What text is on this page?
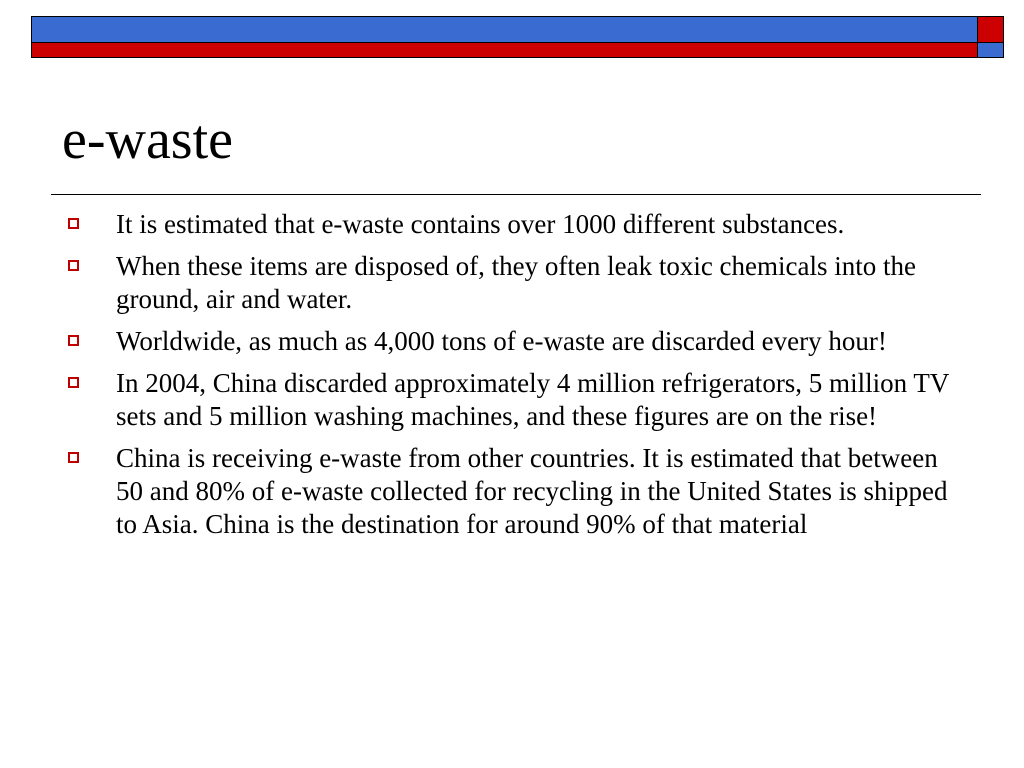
e-waste
It is estimated that e-waste contains over 1000 different substances.
When these items are disposed of, they often leak toxic chemicals into the ground, air and water.
Worldwide, as much as 4,000 tons of e-waste are discarded every hour!
In 2004, China discarded approximately 4 million refrigerators, 5 million TV sets and 5 million washing machines, and these figures are on the rise!
China is receiving e-waste from other countries. It is estimated that between 50 and 80% of e-waste collected for recycling in the United States is shipped to Asia. China is the destination for around 90% of that material
